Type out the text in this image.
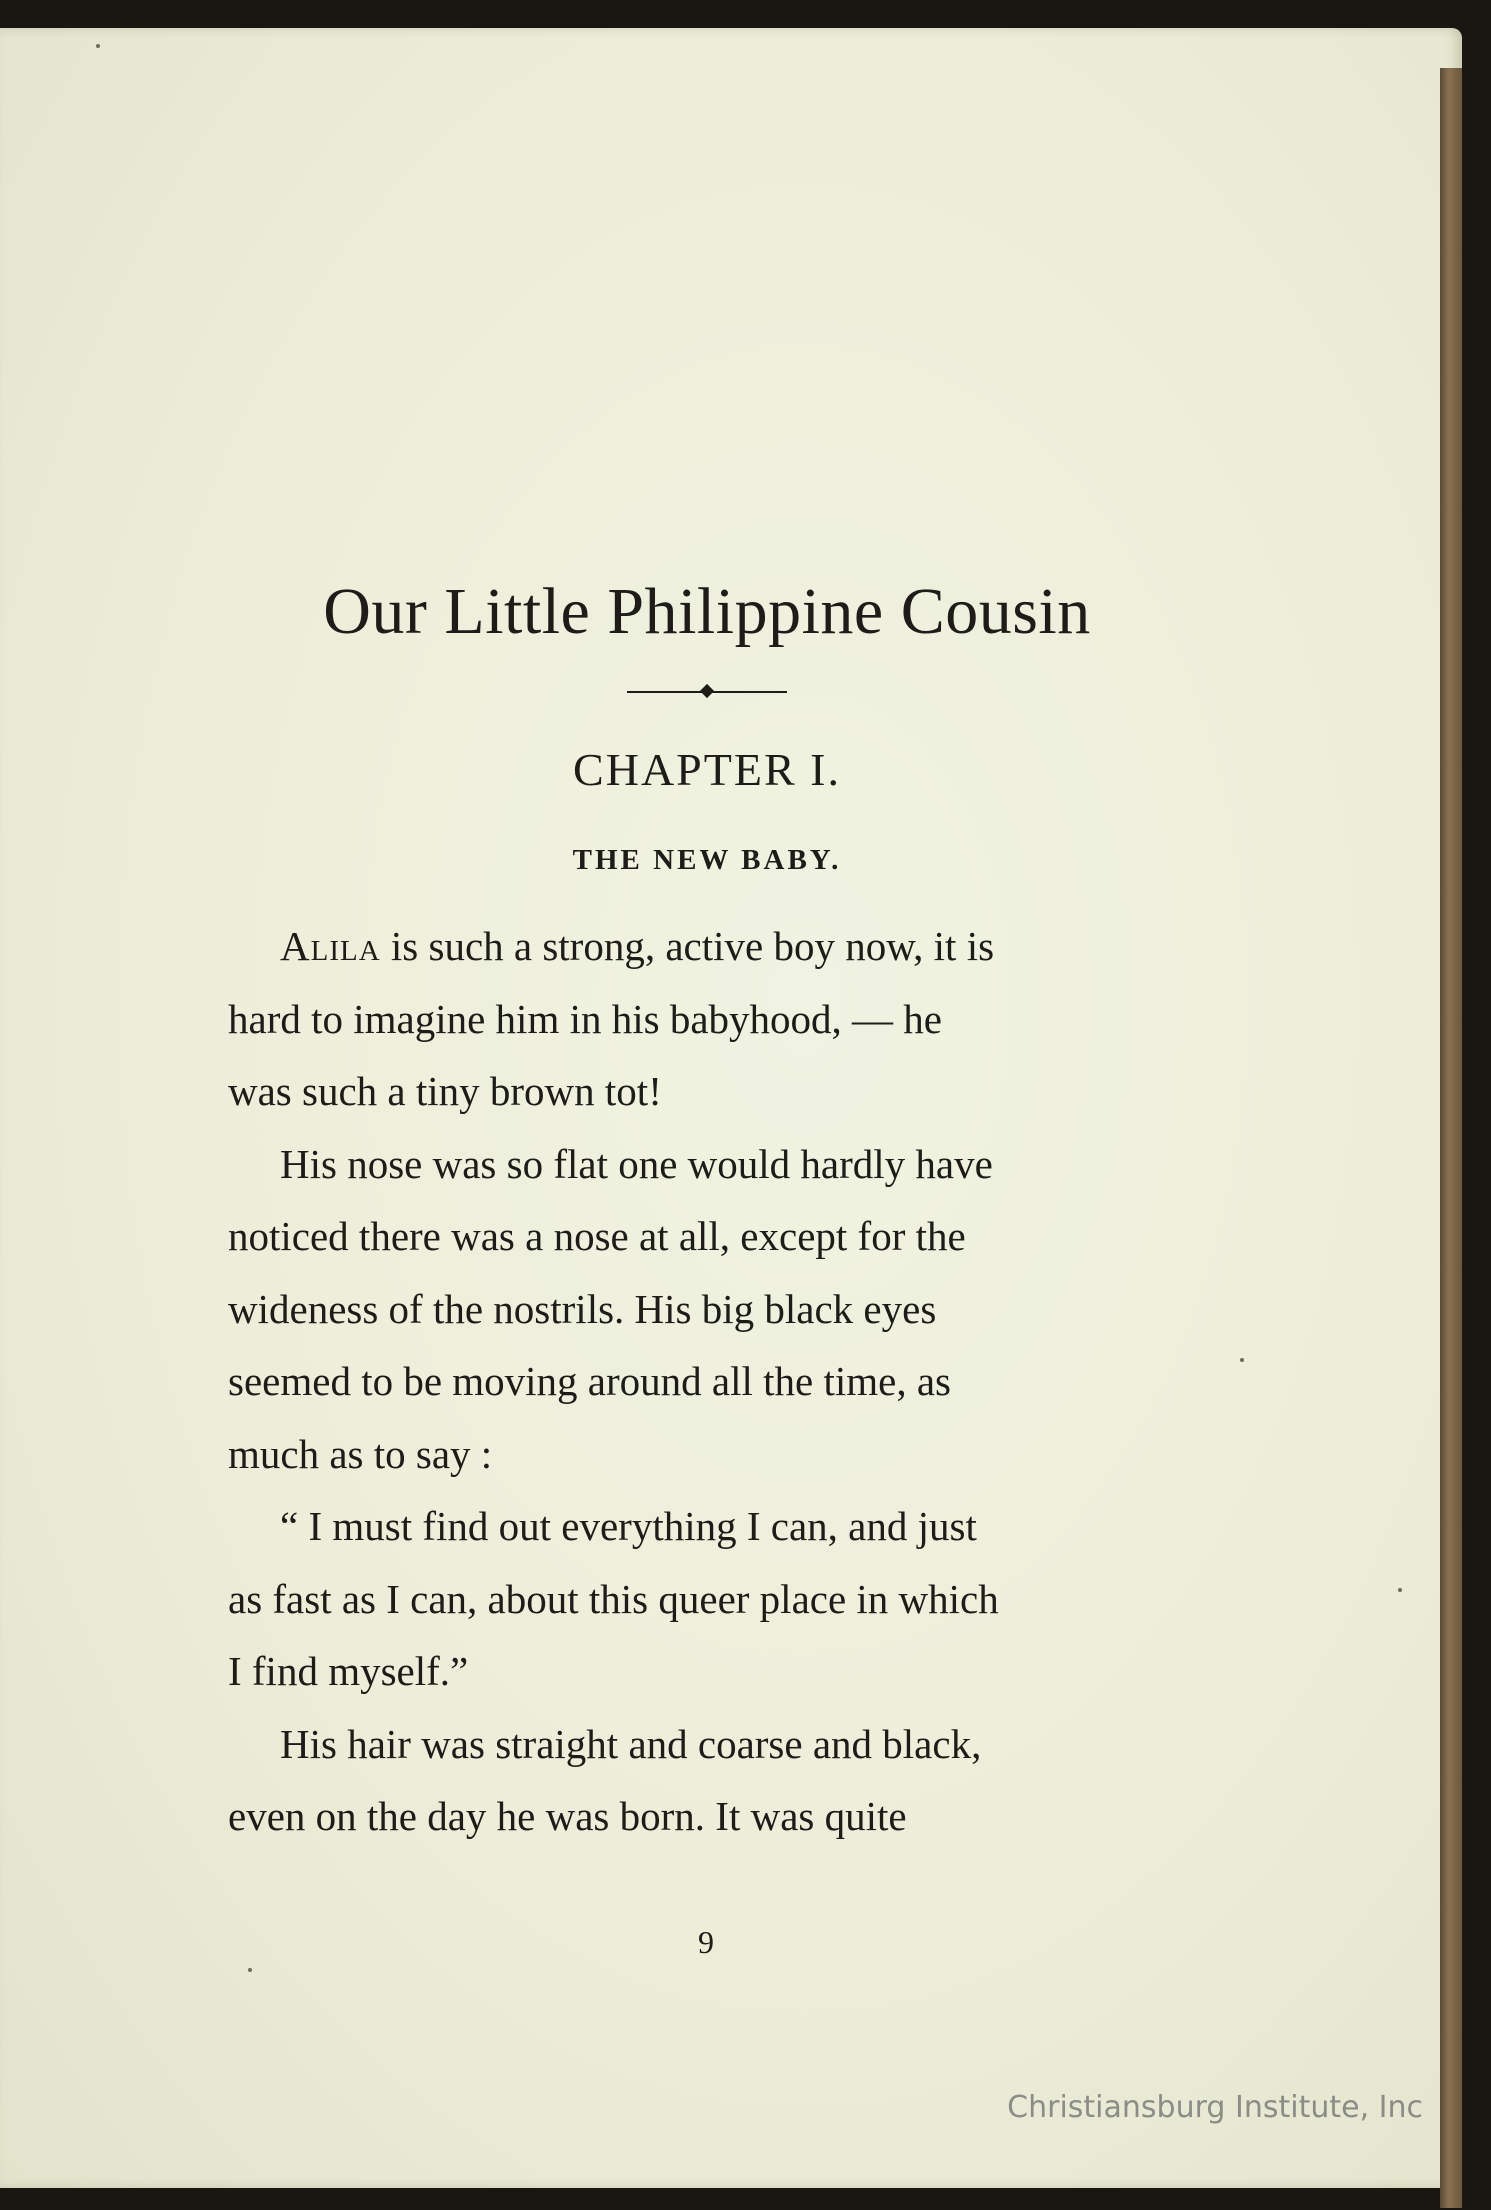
Our Little Philippine Cousin
CHAPTER I.
THE NEW BABY.
Alila is such a strong, active boy now, it is
hard to imagine him in his babyhood, — he
was such a tiny brown tot!
His nose was so flat one would hardly have
noticed there was a nose at all, except for the
wideness of the nostrils. His big black eyes
seemed to be moving around all the time, as
much as to say :
“ I must find out everything I can, and just
as fast as I can, about this queer place in which
I find myself.”
His hair was straight and coarse and black,
even on the day he was born. It was quite
9
Christiansburg Institute, Inc
